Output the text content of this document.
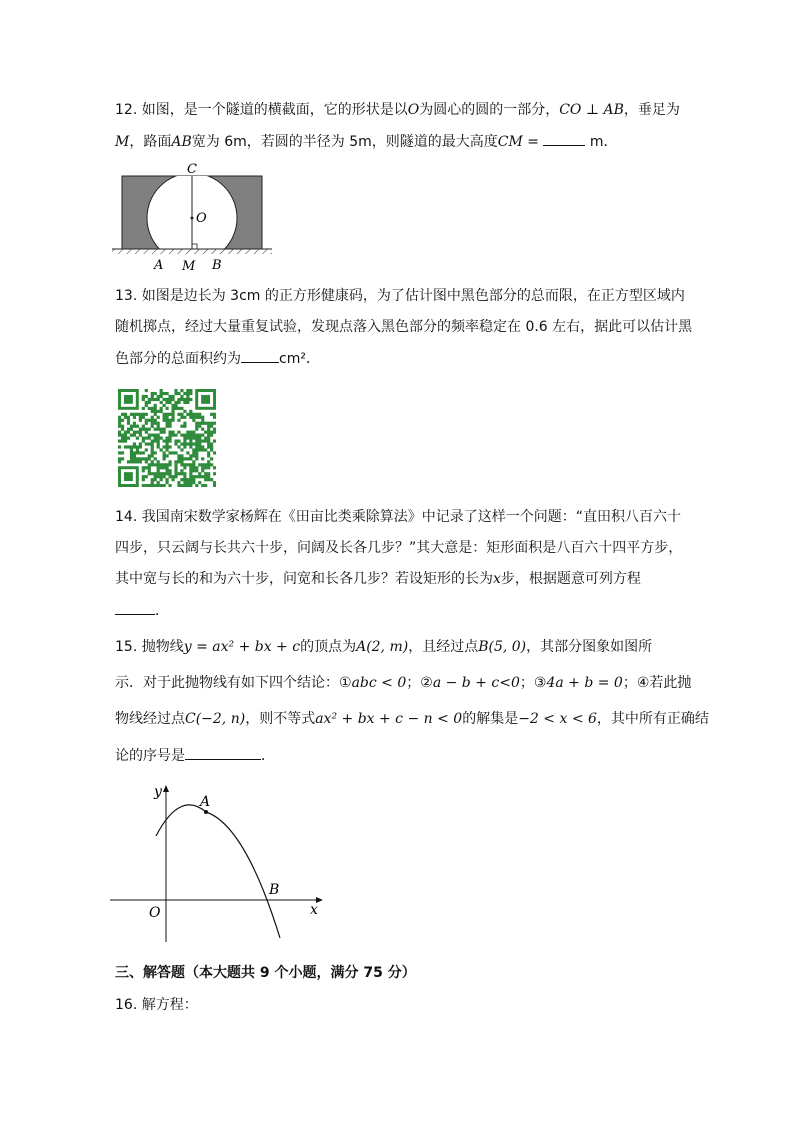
12. 如图，是一个隧道的横截面，它的形状是以O为圆心的圆的一部分，CO ⊥ AB，垂足为
M，路面AB宽为 6m，若圆的半径为 5m，则隧道的最大高度CM =	m．
C
O
A M B
13. 如图是边长为 3cm 的正方形健康码，为了估计图中黑色部分的总而限，在正方型区域内
随机掷点，经过大量重复试验，发现点落入黑色部分的频率稳定在 0.6 左右，据此可以估计黑
色部分的总面积约为	cm²．
14. 我国南宋数学家杨辉在《田亩比类乘除算法》中记录了这样一个问题：“直田积八百六十
四步，只云阔与长共六十步，问阔及长各几步？”其大意是：矩形面积是八百六十四平方步，
其中宽与长的和为六十步，问宽和长各几步？若设矩形的长为x步，根据题意可列方程
．
15. 抛物线y = ax² + bx + c的顶点为A(2, m)，且经过点B(5, 0)，其部分图象如图所
示．对于此抛物线有如下四个结论：①abc < 0；②a − b + c<0；③4a + b = 0；④若此抛
物线经过点C(−2, n)，则不等式ax² + bx + c − n < 0的解集是−2 < x < 6，其中所有正确结
论的序号是	．
y
x
O
A
B
三、解答题（本大题共 9 个小题，满分 75 分）
16. 解方程：
